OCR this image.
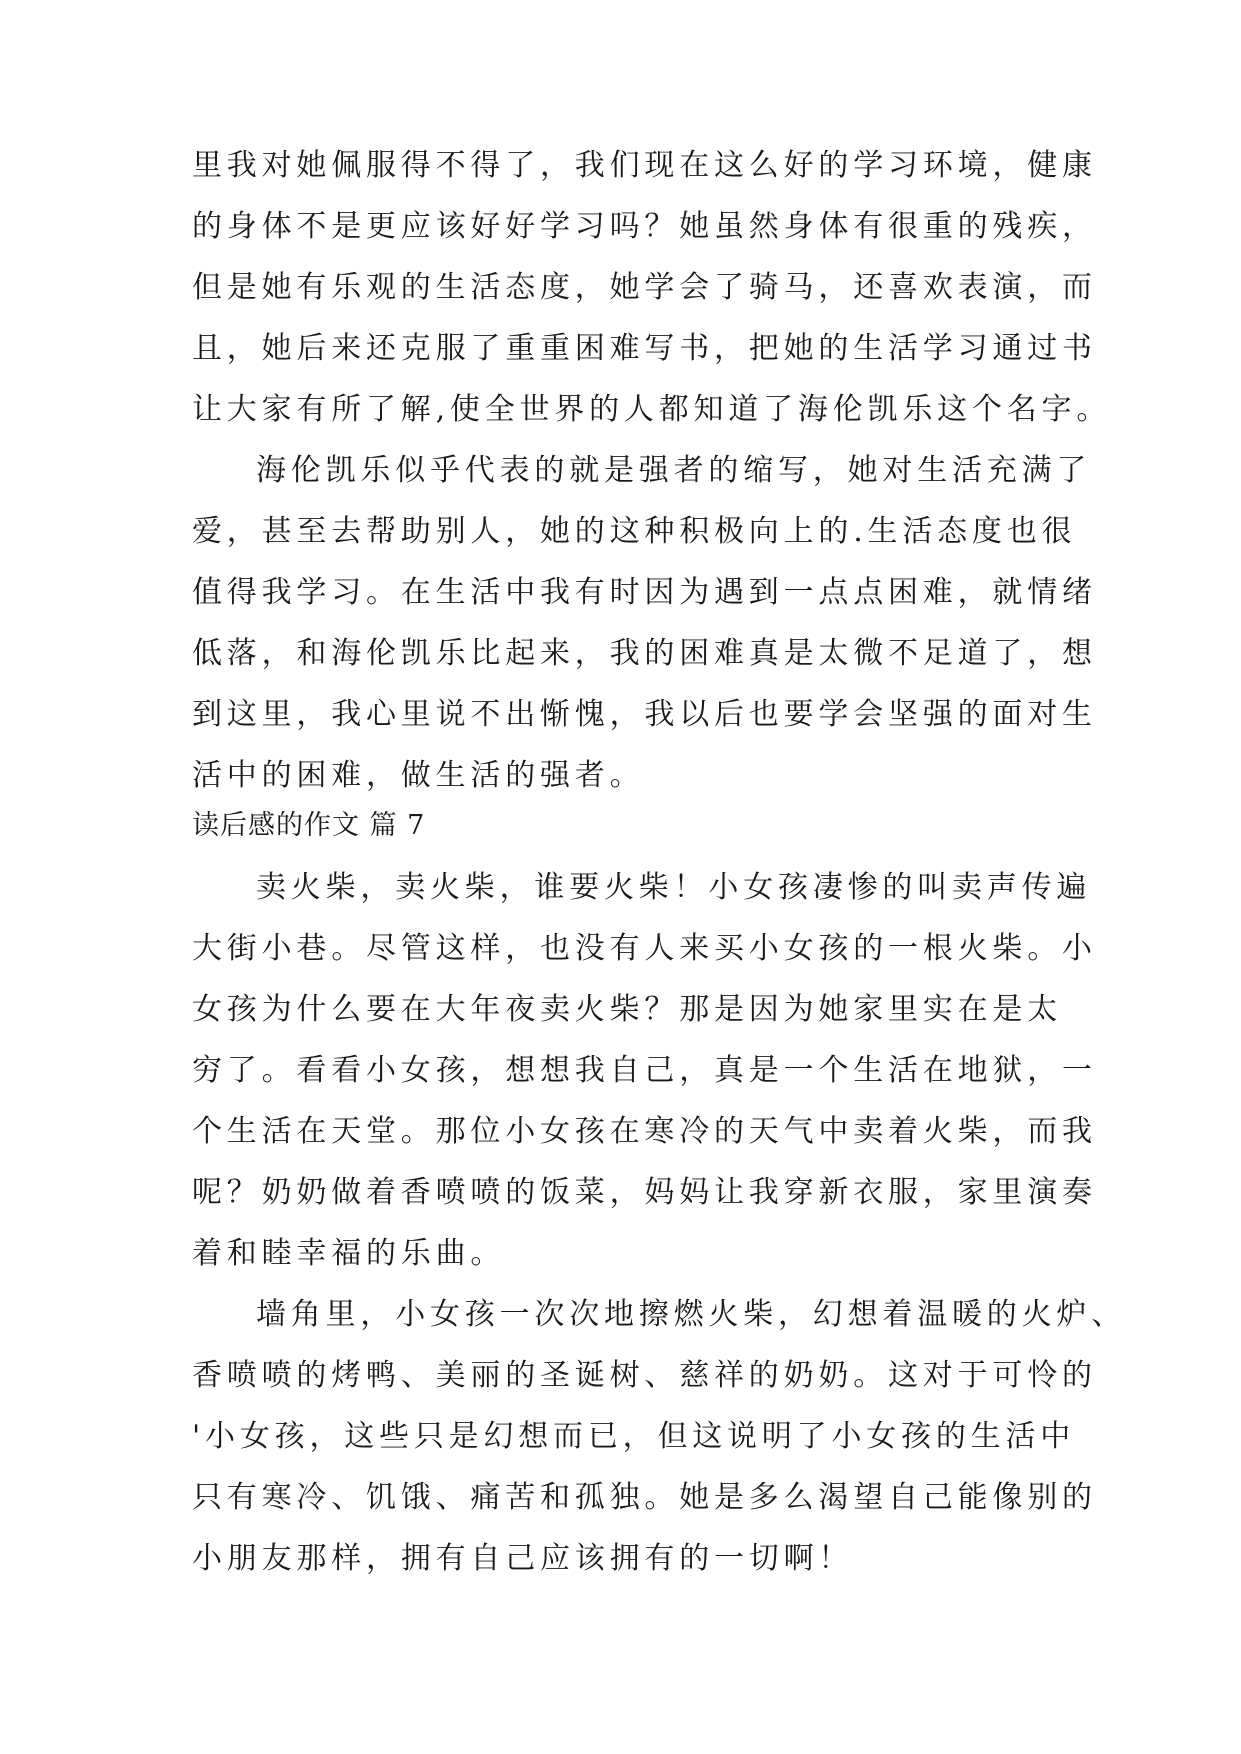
里我对她佩服得不得了，我们现在这么好的学习环境，健康
的身体不是更应该好好学习吗？她虽然身体有很重的残疾，
但是她有乐观的生活态度，她学会了骑马，还喜欢表演，而
且，她后来还克服了重重困难写书，把她的生活学习通过书
让大家有所了解,使全世界的人都知道了海伦凯乐这个名字。
海伦凯乐似乎代表的就是强者的缩写，她对生活充满了
爱，甚至去帮助别人，她的这种积极向上的.生活态度也很
值得我学习。在生活中我有时因为遇到一点点困难，就情绪
低落，和海伦凯乐比起来，我的困难真是太微不足道了，想
到这里，我心里说不出惭愧，我以后也要学会坚强的面对生
活中的困难，做生活的强者。
读后感的作文 篇 7
卖火柴，卖火柴，谁要火柴！小女孩凄惨的叫卖声传遍
大街小巷。尽管这样，也没有人来买小女孩的一根火柴。小
女孩为什么要在大年夜卖火柴？那是因为她家里实在是太
穷了。看看小女孩，想想我自己，真是一个生活在地狱，一
个生活在天堂。那位小女孩在寒冷的天气中卖着火柴，而我
呢？奶奶做着香喷喷的饭菜，妈妈让我穿新衣服，家里演奏
着和睦幸福的乐曲。
墙角里，小女孩一次次地擦燃火柴，幻想着温暖的火炉、
香喷喷的烤鸭、美丽的圣诞树、慈祥的奶奶。这对于可怜的
'小女孩，这些只是幻想而已，但这说明了小女孩的生活中
只有寒冷、饥饿、痛苦和孤独。她是多么渴望自己能像别的
小朋友那样，拥有自己应该拥有的一切啊！
